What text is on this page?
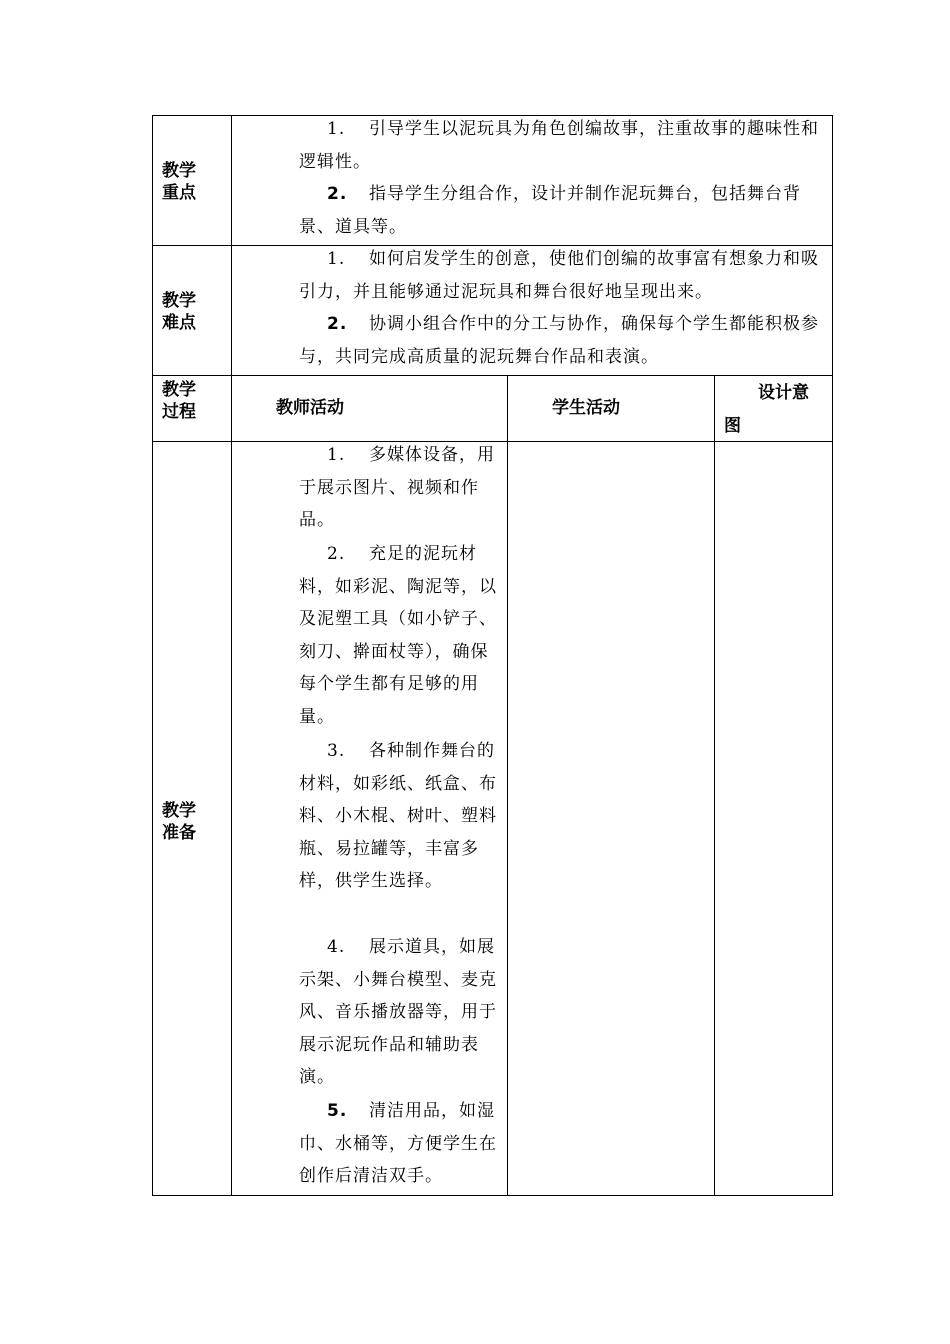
教学
重点
1. 引导学生以泥玩具为角色创编故事，注重故事的趣味性和逻辑性。
2. 指导学生分组合作，设计并制作泥玩舞台，包括舞台背景、道具等。
教学
难点
1. 如何启发学生的创意，使他们创编的故事富有想象力和吸引力，并且能够通过泥玩具和舞台很好地呈现出来。
2. 协调小组合作中的分工与协作，确保每个学生都能积极参与，共同完成高质量的泥玩舞台作品和表演。
教学
过程	教师活动	学生活动
设计意
图
教学
准备
1. 多媒体设备，用于展示图片、视频和作品。
2. 充足的泥玩材料，如彩泥、陶泥等，以及泥塑工具（如小铲子、刻刀、擀面杖等），确保每个学生都有足够的用量。
3. 各种制作舞台的材料，如彩纸、纸盒、布料、小木棍、树叶、塑料瓶、易拉罐等，丰富多样，供学生选择。
4. 展示道具，如展示架、小舞台模型、麦克风、音乐播放器等，用于展示泥玩作品和辅助表演。
5. 清洁用品，如湿巾、水桶等，方便学生在创作后清洁双手。
